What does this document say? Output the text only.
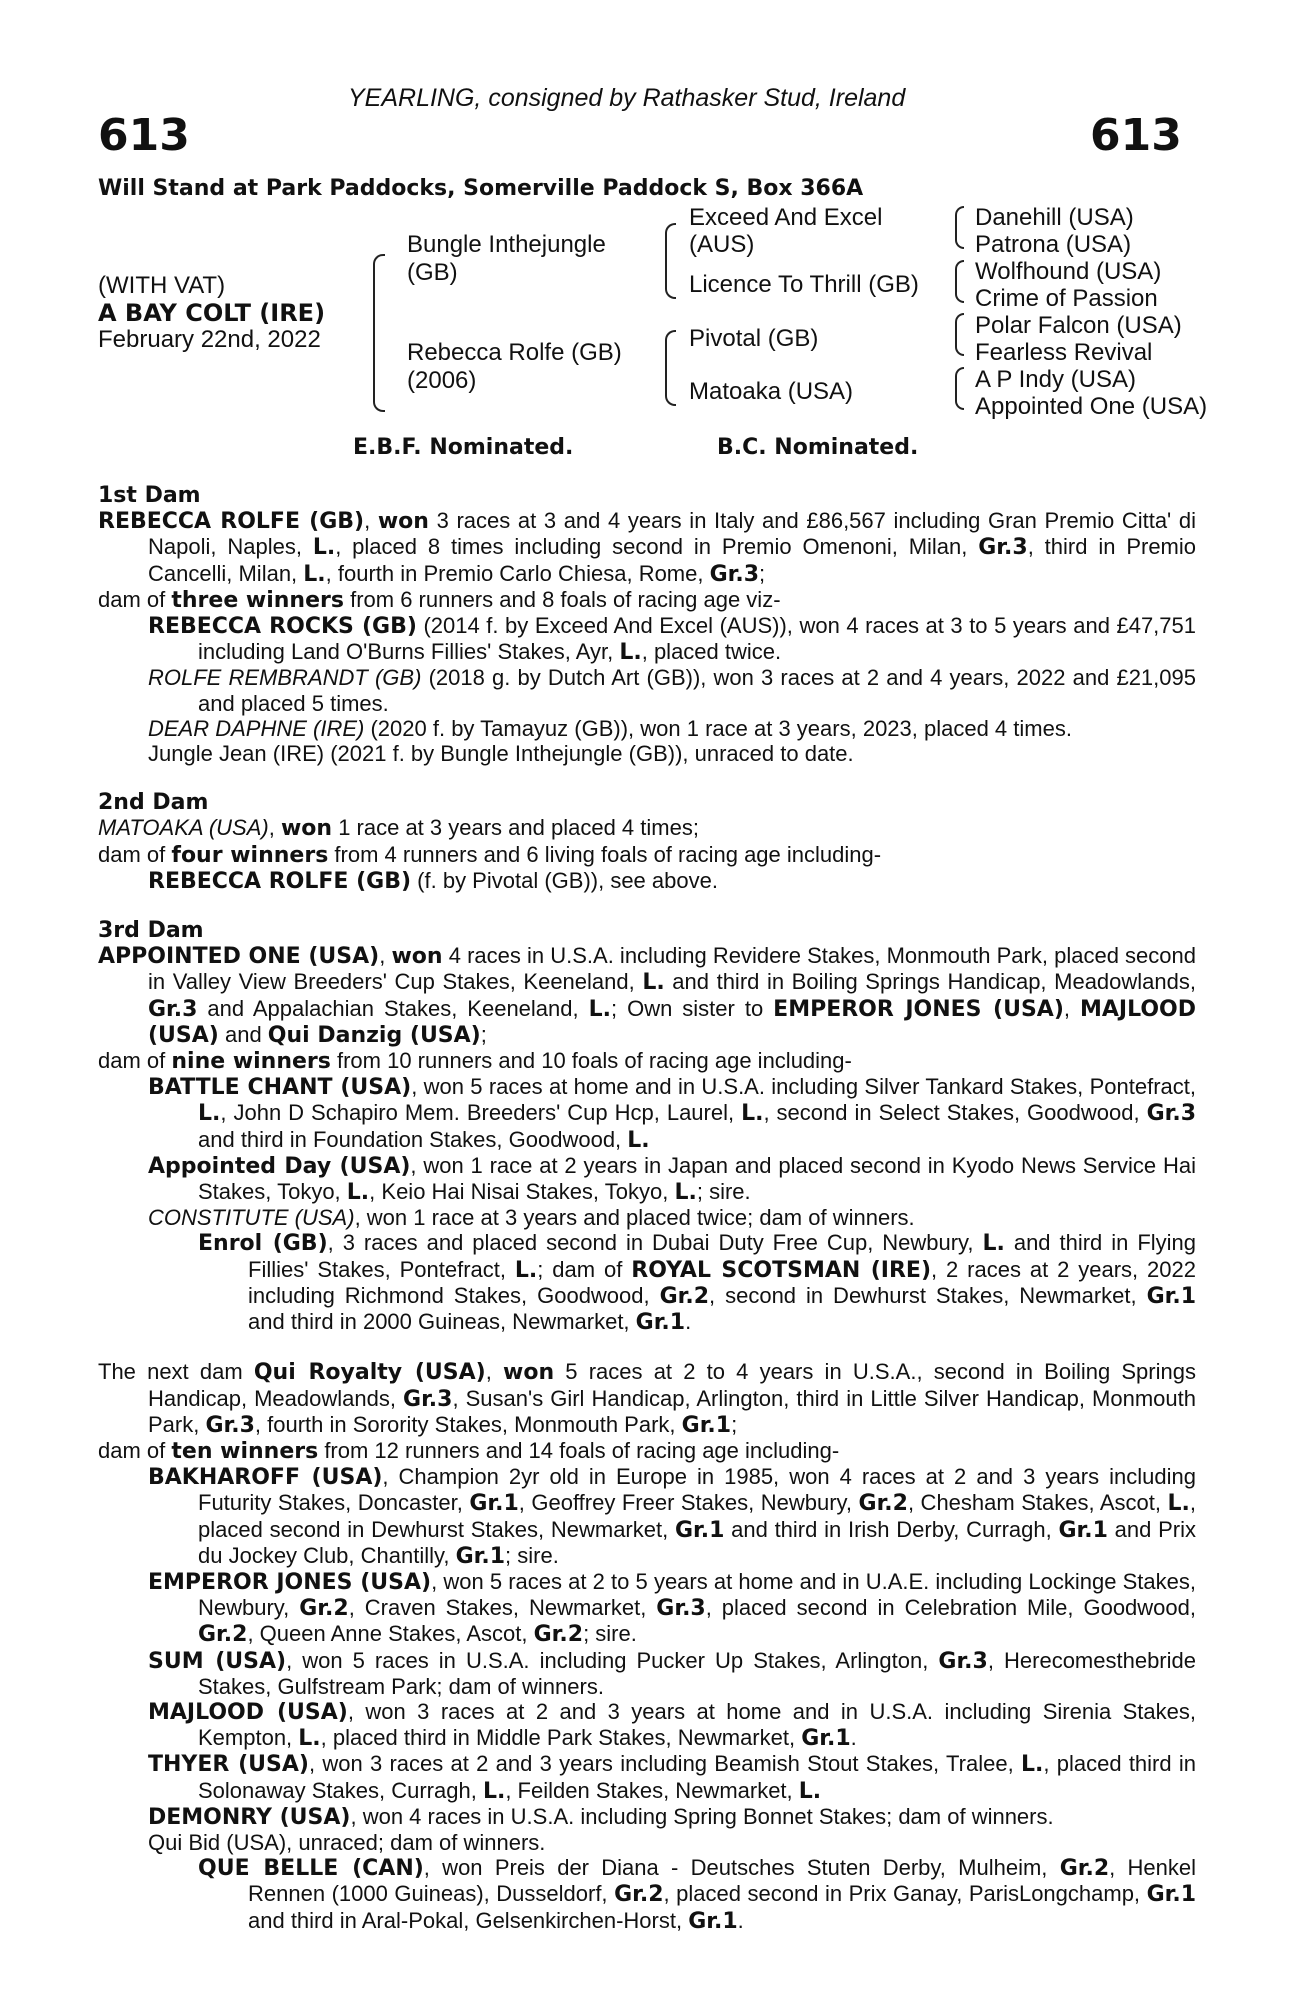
YEARLING, consigned by Rathasker Stud, Ireland
613	613
Will Stand at Park Paddocks, Somerville Paddock S, Box 366A
(WITH VAT)
A BAY COLT (IRE)
February 22nd, 2022
Bungle Inthejungle
(GB)
Rebecca Rolfe (GB)
(2006)
Exceed And Excel
(AUS)
Licence To Thrill (GB)
Pivotal (GB)
Matoaka (USA)
Danehill (USA)
Patrona (USA)
Wolfhound (USA)
Crime of Passion
Polar Falcon (USA)
Fearless Revival
A P Indy (USA)
Appointed One (USA)
E.B.F. Nominated.	B.C. Nominated.
1st Dam
REBECCA ROLFE (GB), won 3 races at 3 and 4 years in Italy and £86,567 including Gran Premio Citta' di Napoli, Naples, L., placed 8 times including second in Premio Omenoni, Milan, Gr.3, third in Premio Cancelli, Milan, L., fourth in Premio Carlo Chiesa, Rome, Gr.3;
dam of three winners from 6 runners and 8 foals of racing age viz-
REBECCA ROCKS (GB) (2014 f. by Exceed And Excel (AUS)), won 4 races at 3 to 5 years and £47,751 including Land O'Burns Fillies' Stakes, Ayr, L., placed twice.
ROLFE REMBRANDT (GB) (2018 g. by Dutch Art (GB)), won 3 races at 2 and 4 years, 2022 and £21,095 and placed 5 times.
DEAR DAPHNE (IRE) (2020 f. by Tamayuz (GB)), won 1 race at 3 years, 2023, placed 4 times.
Jungle Jean (IRE) (2021 f. by Bungle Inthejungle (GB)), unraced to date.
2nd Dam
MATOAKA (USA), won 1 race at 3 years and placed 4 times;
dam of four winners from 4 runners and 6 living foals of racing age including-
REBECCA ROLFE (GB) (f. by Pivotal (GB)), see above.
3rd Dam
APPOINTED ONE (USA), won 4 races in U.S.A. including Revidere Stakes, Monmouth Park, placed second in Valley View Breeders' Cup Stakes, Keeneland, L. and third in Boiling Springs Handicap, Meadowlands, Gr.3 and Appalachian Stakes, Keeneland, L.; Own sister to EMPEROR JONES (USA), MAJLOOD (USA) and Qui Danzig (USA);
dam of nine winners from 10 runners and 10 foals of racing age including-
BATTLE CHANT (USA), won 5 races at home and in U.S.A. including Silver Tankard Stakes, Pontefract, L., John D Schapiro Mem. Breeders' Cup Hcp, Laurel, L., second in Select Stakes, Goodwood, Gr.3 and third in Foundation Stakes, Goodwood, L.
Appointed Day (USA), won 1 race at 2 years in Japan and placed second in Kyodo News Service Hai Stakes, Tokyo, L., Keio Hai Nisai Stakes, Tokyo, L.; sire.
CONSTITUTE (USA), won 1 race at 3 years and placed twice; dam of winners.
Enrol (GB), 3 races and placed second in Dubai Duty Free Cup, Newbury, L. and third in Flying Fillies' Stakes, Pontefract, L.; dam of ROYAL SCOTSMAN (IRE), 2 races at 2 years, 2022 including Richmond Stakes, Goodwood, Gr.2, second in Dewhurst Stakes, Newmarket, Gr.1 and third in 2000 Guineas, Newmarket, Gr.1.
The next dam Qui Royalty (USA), won 5 races at 2 to 4 years in U.S.A., second in Boiling Springs Handicap, Meadowlands, Gr.3, Susan's Girl Handicap, Arlington, third in Little Silver Handicap, Monmouth Park, Gr.3, fourth in Sorority Stakes, Monmouth Park, Gr.1;
dam of ten winners from 12 runners and 14 foals of racing age including-
BAKHAROFF (USA), Champion 2yr old in Europe in 1985, won 4 races at 2 and 3 years including Futurity Stakes, Doncaster, Gr.1, Geoffrey Freer Stakes, Newbury, Gr.2, Chesham Stakes, Ascot, L., placed second in Dewhurst Stakes, Newmarket, Gr.1 and third in Irish Derby, Curragh, Gr.1 and Prix du Jockey Club, Chantilly, Gr.1; sire.
EMPEROR JONES (USA), won 5 races at 2 to 5 years at home and in U.A.E. including Lockinge Stakes, Newbury, Gr.2, Craven Stakes, Newmarket, Gr.3, placed second in Celebration Mile, Goodwood, Gr.2, Queen Anne Stakes, Ascot, Gr.2; sire.
SUM (USA), won 5 races in U.S.A. including Pucker Up Stakes, Arlington, Gr.3, Herecomesthebride Stakes, Gulfstream Park; dam of winners.
MAJLOOD (USA), won 3 races at 2 and 3 years at home and in U.S.A. including Sirenia Stakes, Kempton, L., placed third in Middle Park Stakes, Newmarket, Gr.1.
THYER (USA), won 3 races at 2 and 3 years including Beamish Stout Stakes, Tralee, L., placed third in Solonaway Stakes, Curragh, L., Feilden Stakes, Newmarket, L.
DEMONRY (USA), won 4 races in U.S.A. including Spring Bonnet Stakes; dam of winners.
Qui Bid (USA), unraced; dam of winners.
QUE BELLE (CAN), won Preis der Diana - Deutsches Stuten Derby, Mulheim, Gr.2, Henkel Rennen (1000 Guineas), Dusseldorf, Gr.2, placed second in Prix Ganay, ParisLongchamp, Gr.1 and third in Aral-Pokal, Gelsenkirchen-Horst, Gr.1.
